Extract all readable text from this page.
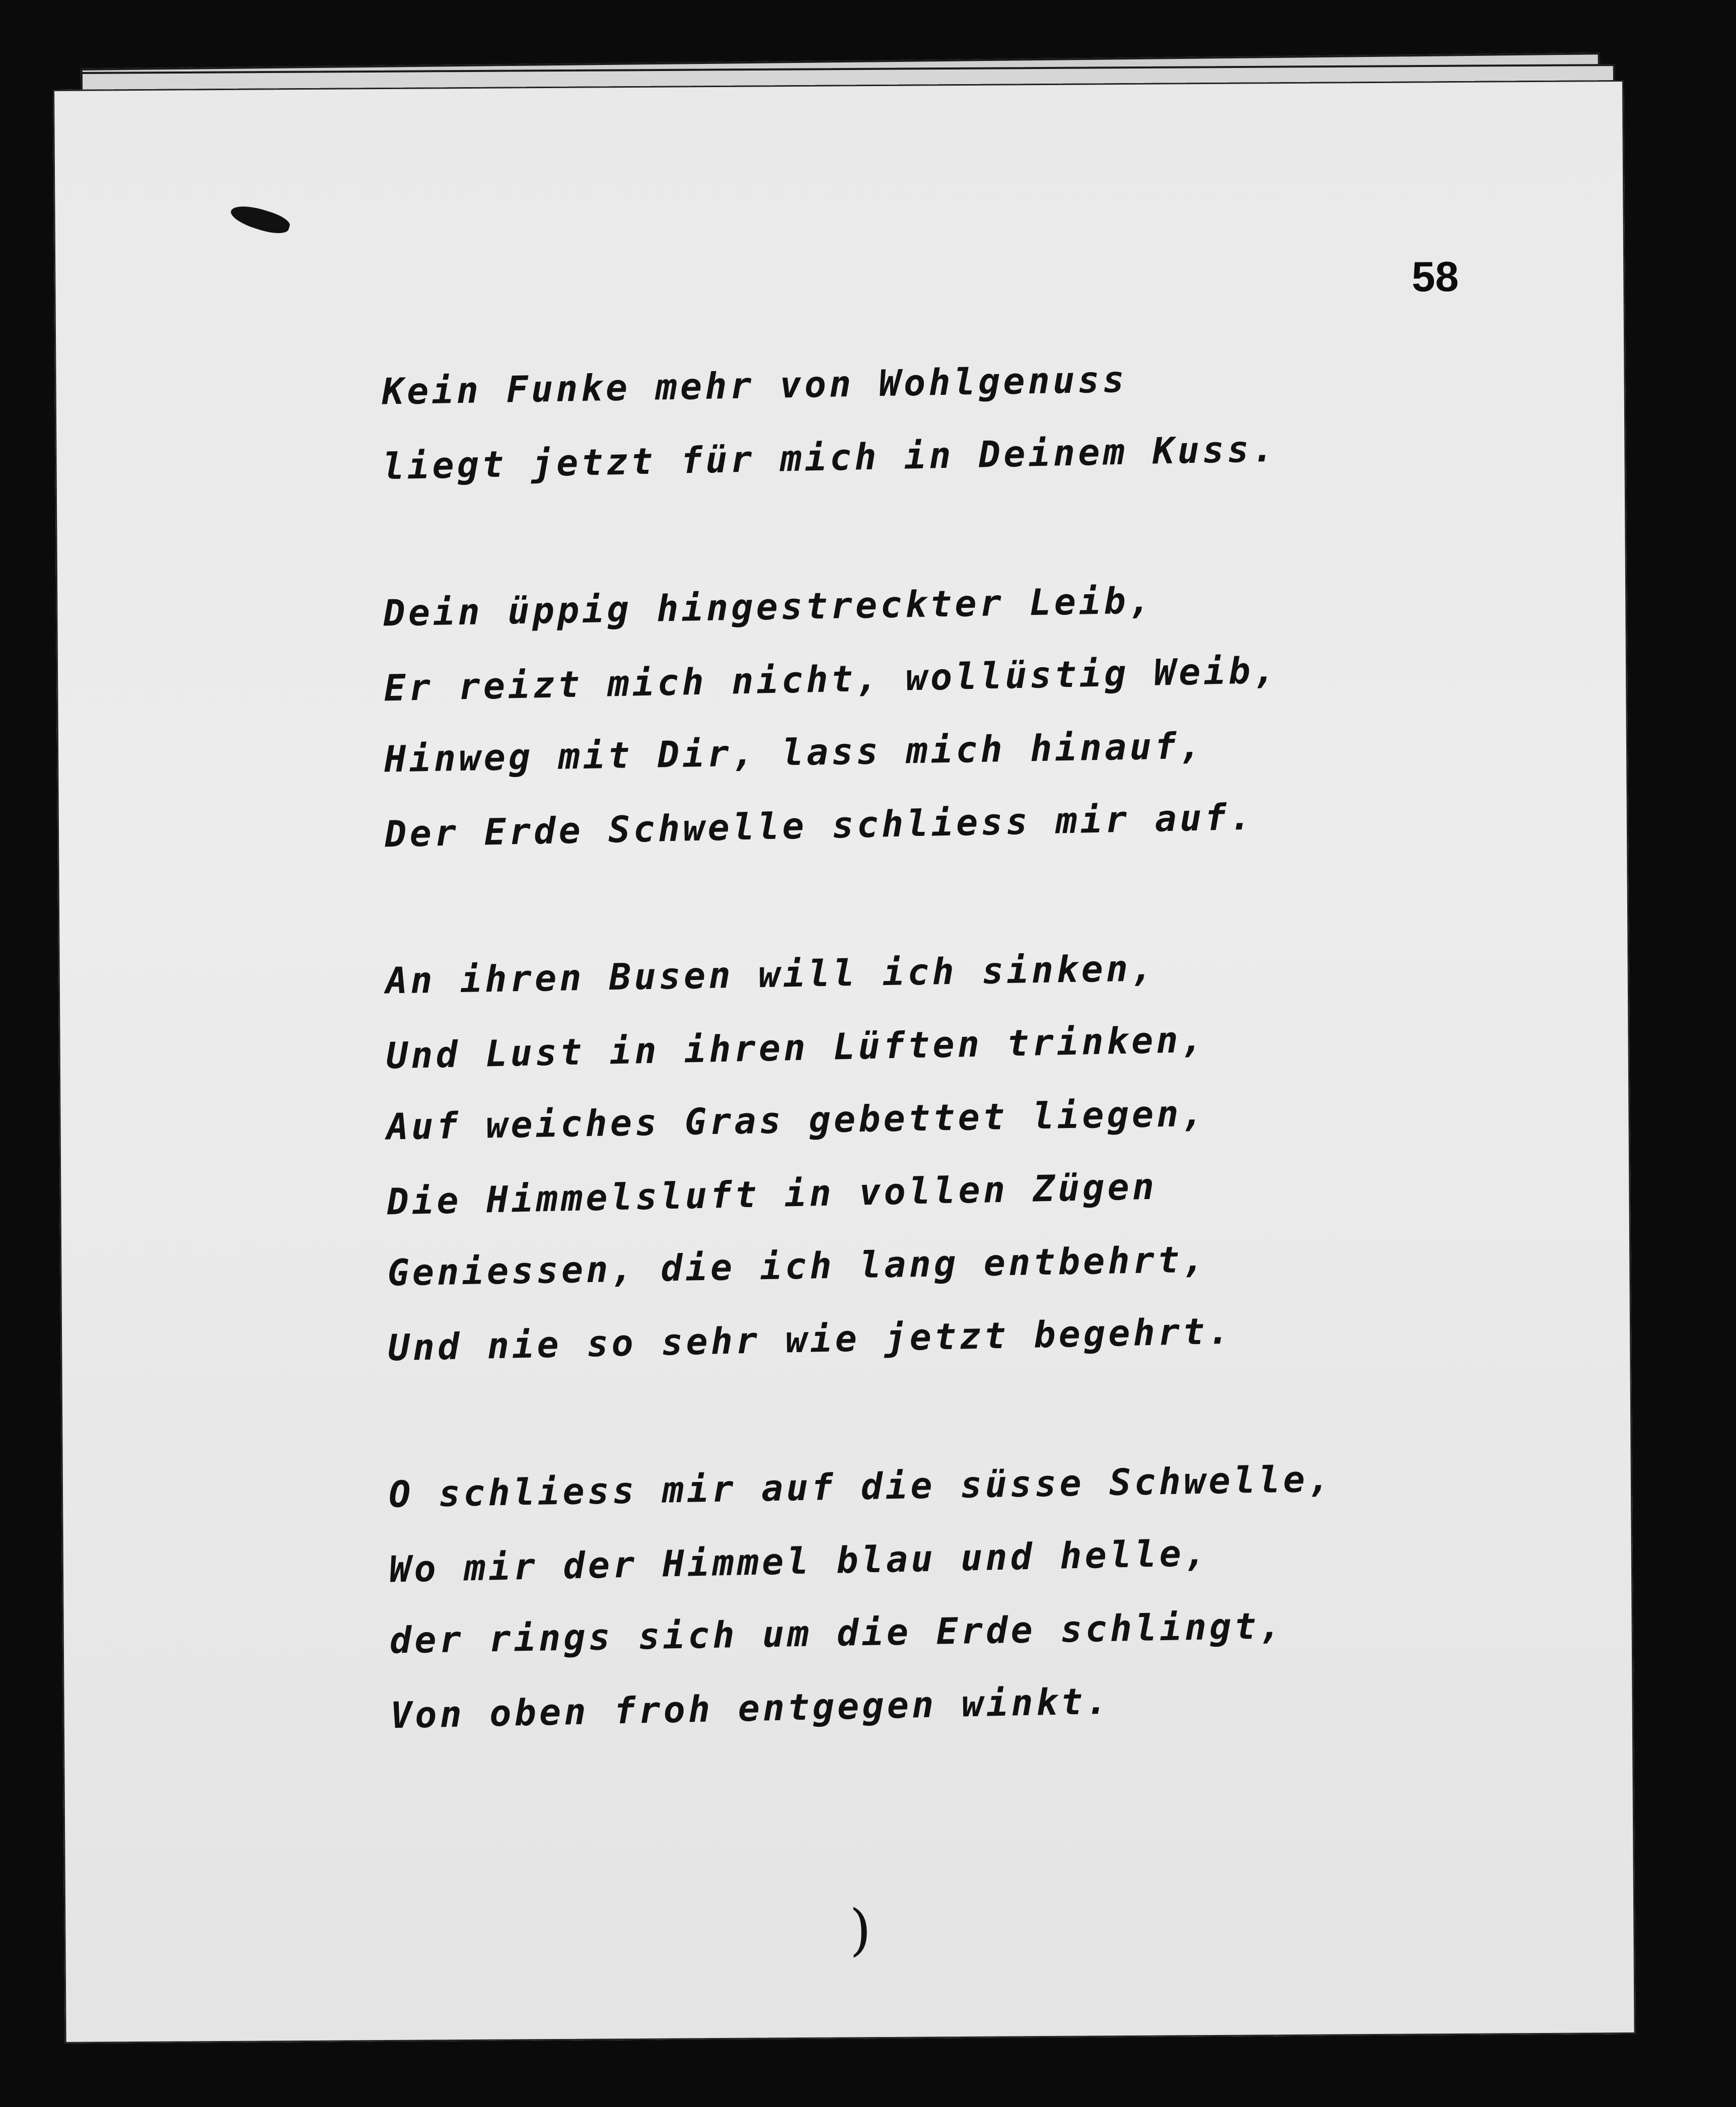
58
Kein Funke mehr von Wohlgenuss
liegt jetzt für mich in Deinem Kuss.
Dein üppig hingestreckter Leib,
Er reizt mich nicht, wollüstig Weib,
Hinweg mit Dir, lass mich hinauf,
Der Erde Schwelle schliess mir auf.
An ihren Busen will ich sinken,
Und Lust in ihren Lüften trinken,
Auf weiches Gras gebettet liegen,
Die Himmelsluft in vollen Zügen
Geniessen, die ich lang entbehrt,
Und nie so sehr wie jetzt begehrt.
O schliess mir auf die süsse Schwelle,
Wo mir der Himmel blau und helle,
der rings sich um die Erde schlingt,
Von oben froh entgegen winkt.
)
